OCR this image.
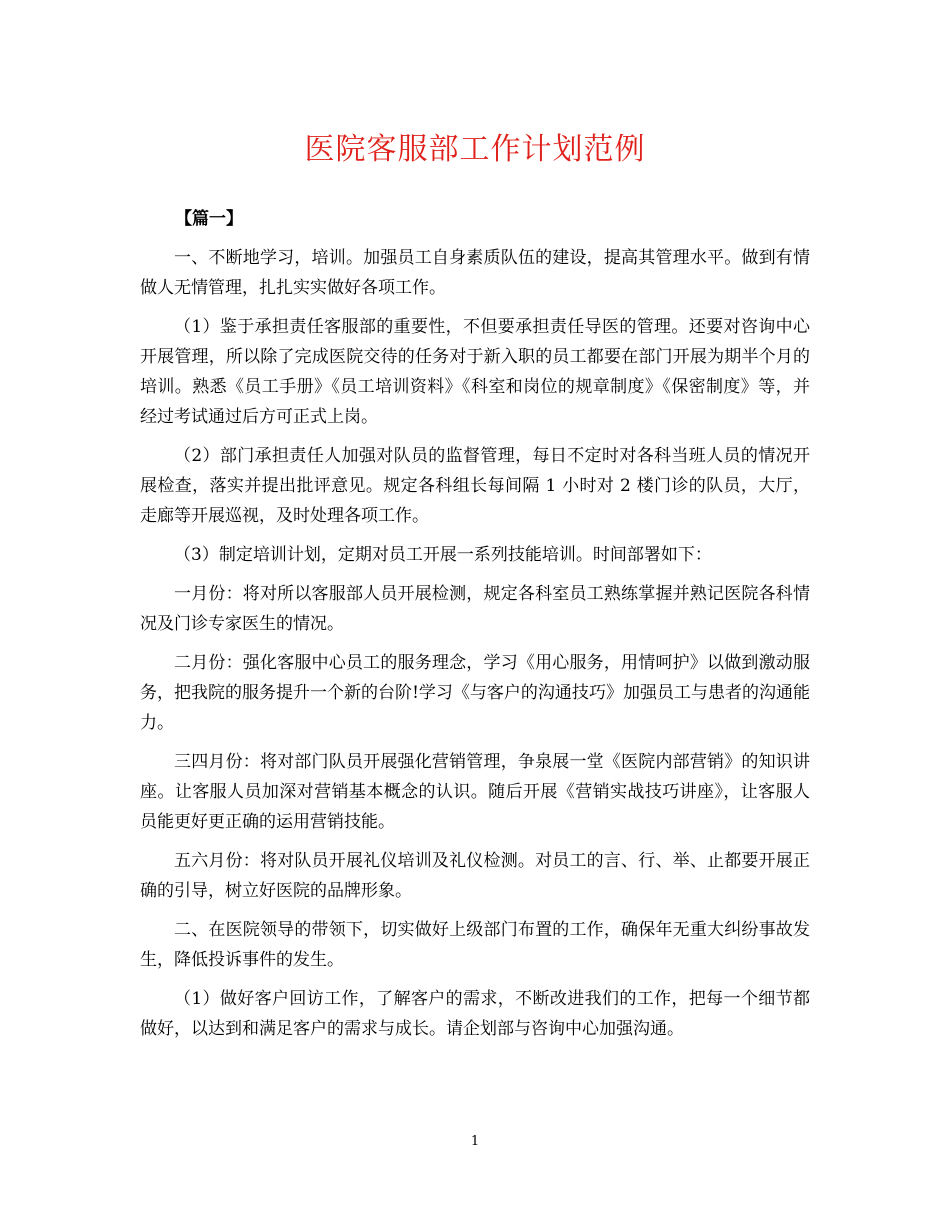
医院客服部工作计划范例
【篇一】

一、不断地学习，培训。加强员工自身素质队伍的建设，提高其管理水平。做到有情做人无情管理，扎扎实实做好各项工作。

（1）鉴于承担责任客服部的重要性，不但要承担责任导医的管理。还要对咨询中心开展管理，所以除了完成医院交待的任务对于新入职的员工都要在部门开展为期半个月的培训。熟悉《员工手册》《员工培训资料》《科室和岗位的规章制度》《保密制度》等，并经过考试通过后方可正式上岗。

（2）部门承担责任人加强对队员的监督管理，每日不定时对各科当班人员的情况开展检查，落实并提出批评意见。规定各科组长每间隔 1 小时对 2 楼门诊的队员，大厅，走廊等开展巡视，及时处理各项工作。

（3）制定培训计划，定期对员工开展一系列技能培训。时间部署如下：

一月份：将对所以客服部人员开展检测，规定各科室员工熟练掌握并熟记医院各科情况及门诊专家医生的情况。

二月份：强化客服中心员工的服务理念，学习《用心服务，用情呵护》以做到激动服务，把我院的服务提升一个新的台阶!学习《与客户的沟通技巧》加强员工与患者的沟通能力。

三四月份：将对部门队员开展强化营销管理，争泉展一堂《医院内部营销》的知识讲座。让客服人员加深对营销基本概念的认识。随后开展《营销实战技巧讲座》，让客服人员能更好更正确的运用营销技能。

五六月份：将对队员开展礼仪培训及礼仪检测。对员工的言、行、举、止都要开展正确的引导，树立好医院的品牌形象。

二、在医院领导的带领下，切实做好上级部门布置的工作，确保年无重大纠纷事故发生，降低投诉事件的发生。

（1）做好客户回访工作，了解客户的需求，不断改进我们的工作，把每一个细节都做好，以达到和满足客户的需求与成长。请企划部与咨询中心加强沟通。

1
